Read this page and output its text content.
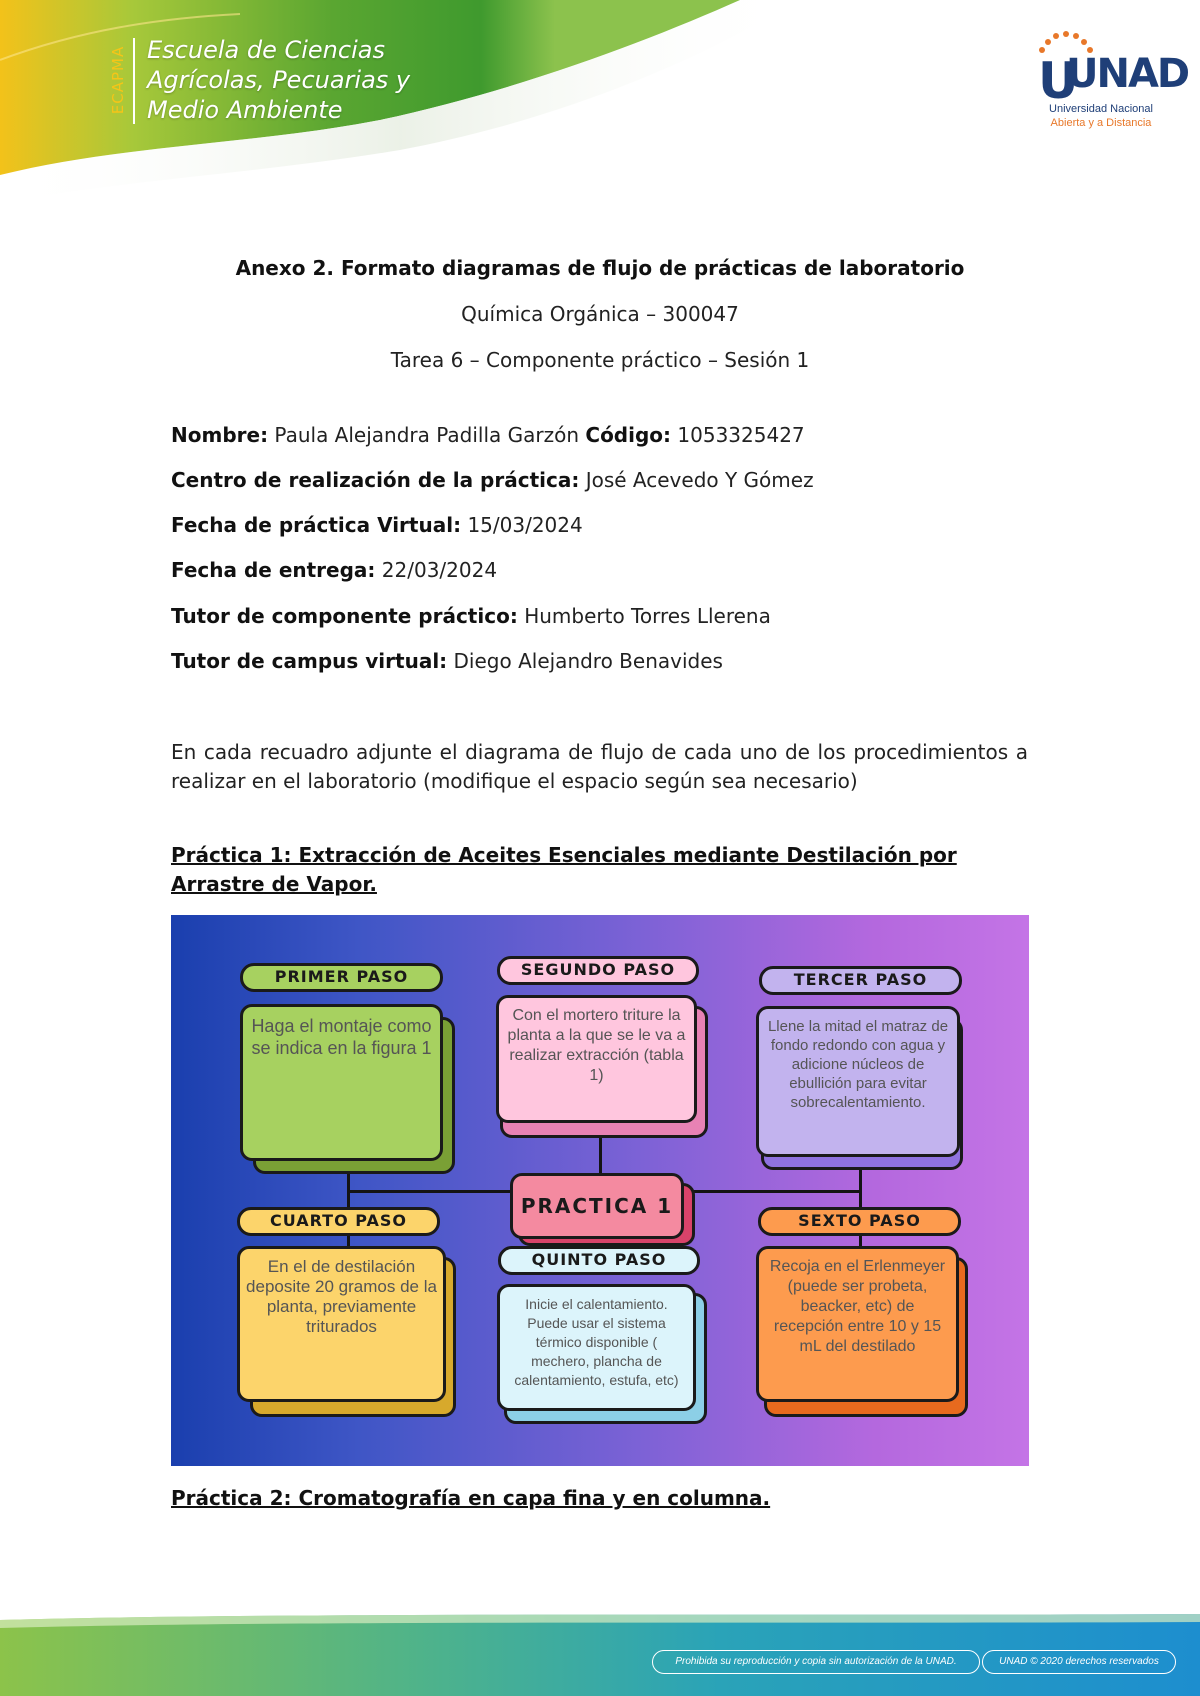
ECAPMA Escuela de Ciencias
Agrícolas, Pecuarias y
Medio Ambiente	U
UNAD
Universidad Nacional
Abierta y a Distancia
Anexo 2. Formato diagramas de flujo de prácticas de laboratorio
Química Orgánica – 300047
Tarea 6 – Componente práctico – Sesión 1
Nombre: Paula Alejandra Padilla Garzón Código: 1053325427
Centro de realización de la práctica: José Acevedo Y Gómez
Fecha de práctica Virtual: 15/03/2024
Fecha de entrega: 22/03/2024
Tutor de componente práctico: Humberto Torres Llerena
Tutor de campus virtual: Diego Alejandro Benavides
En cada recuadro adjunte el diagrama de flujo de cada uno de los procedimientos a realizar en el laboratorio (modifique el espacio según sea necesario)
Práctica 1: Extracción de Aceites Esenciales mediante Destilación por Arrastre de Vapor.
Haga el montaje como se indica en la figura 1
PRIMER PASO
Con el mortero triture la planta a la que se le va a realizar extracción (tabla 1)
SEGUNDO PASO
Llene la mitad el matraz de fondo redondo con agua y adicione núcleos de ebullición para evitar sobrecalentamiento.
TERCER PASO
PRACTICA 1
En el de destilación deposite 20 gramos de la planta, previamente triturados
CUARTO PASO
Inicie el calentamiento. Puede usar el sistema térmico disponible ( mechero, plancha de calentamiento, estufa, etc)
QUINTO PASO	Recoja en el Erlenmeyer (puede ser probeta, beacker, etc) de recepción entre 10 y 15 mL del destilado
SEXTO PASO
Práctica 2: Cromatografía en capa fina y en columna.
Prohibida su reproducción y copia sin autorización de la UNAD.	UNAD © 2020 derechos reservados
